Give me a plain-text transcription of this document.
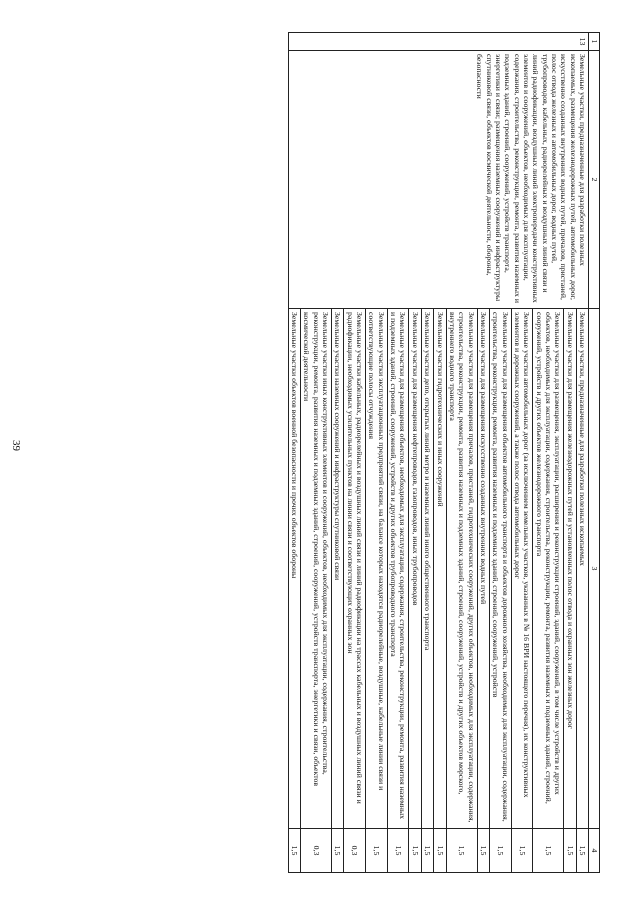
39
1	2	3	4
13	Земельные участки, предназначенные для разработки полезных ископаемых, размещения железнодорожных путей, автомобильных дорог, искусственно созданных внутренних водных путей, причалов, пристаней, полос отвода железных и автомобильных дорог, водных путей, трубопроводов, кабельных, радиорелейных и воздушных линий связи и линий радиофикации, воздушных линий электропередачи конструктивных элементов и сооружений, объектов, необходимых для эксплуатации, содержания, строительства, реконструкции, ремонта, развития наземных и подземных зданий, строений, сооружений, устройств транспорта, энергетики и связи; размещения наземных сооружений и инфраструктуры спутниковой связи, объектов космической деятельности, обороны, безопасности	Земельные участки, предназначенные для разработки полезных ископаемых	1,5
		Земельные участки для размещения железнодорожных путей и установленных полос отвода и охранных зон железных дорог	1,5
		Земельные участки для размещения, эксплуатации, расширения и реконструкции строений, зданий, сооружений, в том числе устройств и других объектов, необходимых для эксплуатации, содержания, строительства, реконструкции, ремонта, развития наземных и подземных зданий, строений, сооружений, устройств и других объектов железнодорожного транспорта	1,5
		Земельные участки автомобильных дорог (за исключением земельных участков, указанных в № 16 ВРИ настоящего перечня), их конструктивных элементов и дорожных сооружений, а также полос отвода автомобильных дорог	1,5
		Земельные участки для размещения объектов автомобильного транспорта и объектов дорожного хозяйства, необходимых для эксплуатации, содержания, строительства, реконструкции, ремонта, развития наземных и подземных зданий, строений, сооружений, устройств	1,5
		Земельные участки для размещения искусственно созданных внутренних водных путей	1,5
		Земельные участки для размещения причалов, пристаней, гидротехнических сооружений, других объектов, необходимых для эксплуатации, содержания, строительства, реконструкции, ремонта, развития наземных и подземных зданий, строений, сооружений, устройств и других объектов морского, внутреннего водного транспорта	1,5
		Земельные участки гидротехнических и иных сооружений	1,5
		Земельные участки депо, открытых линий метро и наземных линий иного общественного транспорта	1,5
		Земельные участки для размещения нефтепроводов, газопроводов, иных трубопроводов	1,5
		Земельные участки для размещения объектов, необходимых для эксплуатации, содержания, строительства, реконструкции, ремонта, развития наземных и подземных зданий, строений, сооружений, устройств и других объектов трубопроводного транспорта	1,5
		Земельные участки эксплуатационных предприятий связи, на балансе которых находятся радиорелейные, воздушные, кабельные линии связи и соответствующие полосы отчуждения	1,5
		Земельные участки кабельных, радиорелейных и воздушных линий связи и линий радиофикации на трассах кабельных и воздушных линий связи и радиофикации, необходимых усилительных пунктов на линии связи и соответствующих охранных зон	0,3
		Земельные участки наземных сооружений и инфраструктуры спутниковой связи	1,5
		Земельные участки иных конструктивных элементов и сооружений, объектов, необходимых для эксплуатации, содержания, строительства, реконструкции, ремонта, развития наземных и подземных зданий, строений, сооружений, устройств транспорта, энергетики и связи, объектов космической деятельности	0,3
		Земельные участки объектов военной безопасности и прочих объектов обороны	1,5
